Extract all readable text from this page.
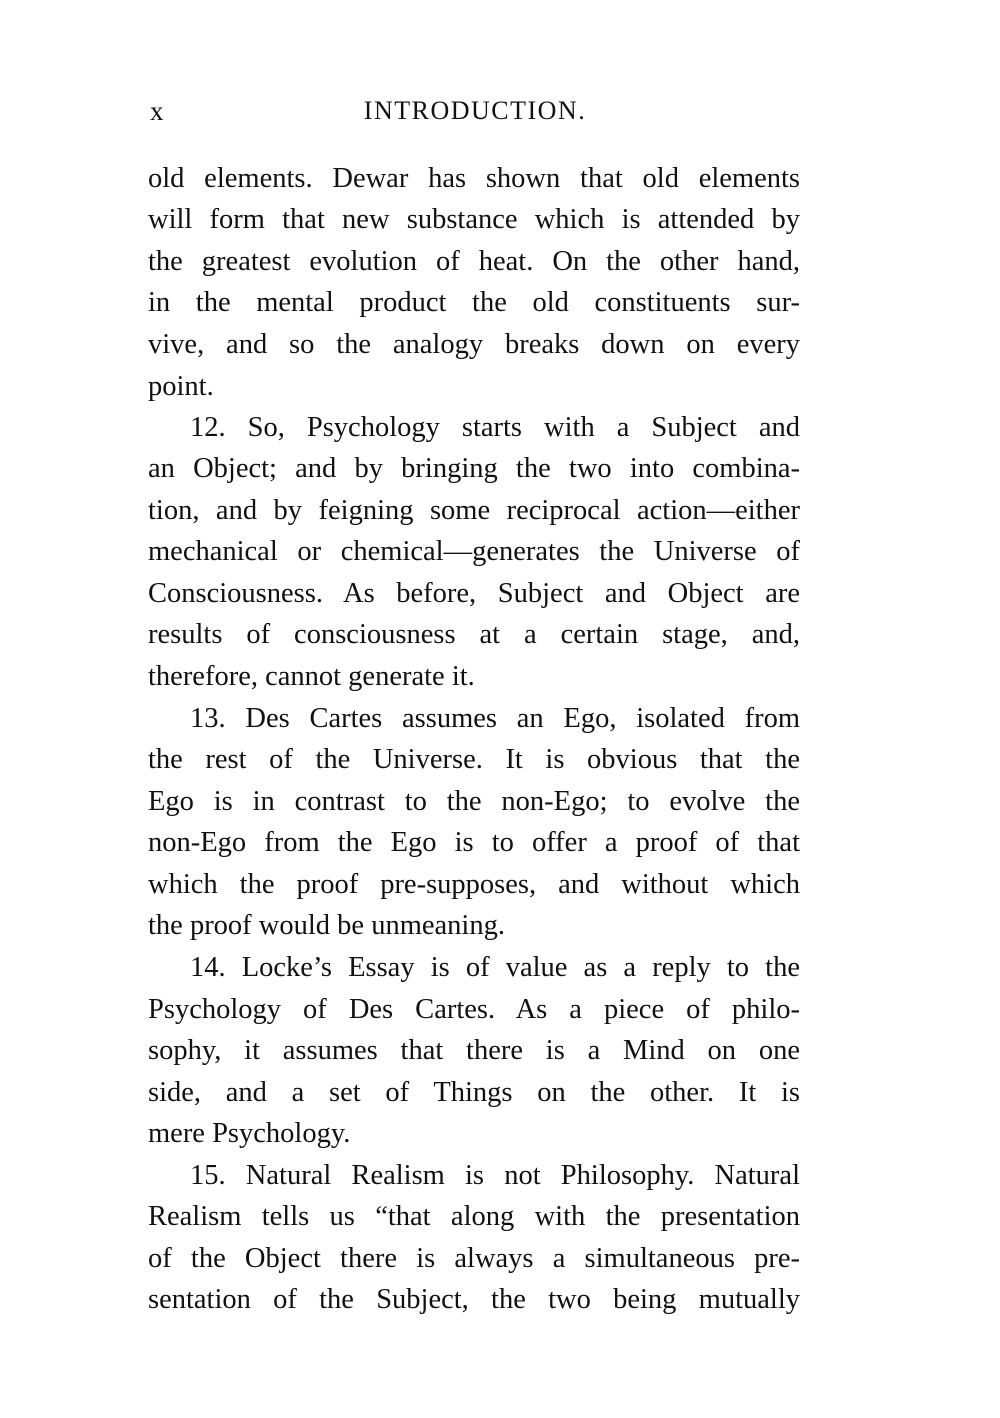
x	INTRODUCTION.
old elements. Dewar has shown that old elements
will form that new substance which is attended by
the greatest evolution of heat. On the other hand,
in the mental product the old constituents sur-
vive, and so the analogy breaks down on every
point.
12. So, Psychology starts with a Subject and
an Object; and by bringing the two into combina-
tion, and by feigning some reciprocal action—either
mechanical or chemical—generates the Universe of
Consciousness. As before, Subject and Object are
results of consciousness at a certain stage, and,
therefore, cannot generate it.
13. Des Cartes assumes an Ego, isolated from
the rest of the Universe. It is obvious that the
Ego is in contrast to the non-Ego; to evolve the
non-Ego from the Ego is to offer a proof of that
which the proof pre-supposes, and without which
the proof would be unmeaning.
14. Locke’s Essay is of value as a reply to the
Psychology of Des Cartes. As a piece of philo-
sophy, it assumes that there is a Mind on one
side, and a set of Things on the other. It is
mere Psychology.
15. Natural Realism is not Philosophy. Natural
Realism tells us “that along with the presentation
of the Object there is always a simultaneous pre-
sentation of the Subject, the two being mutually
